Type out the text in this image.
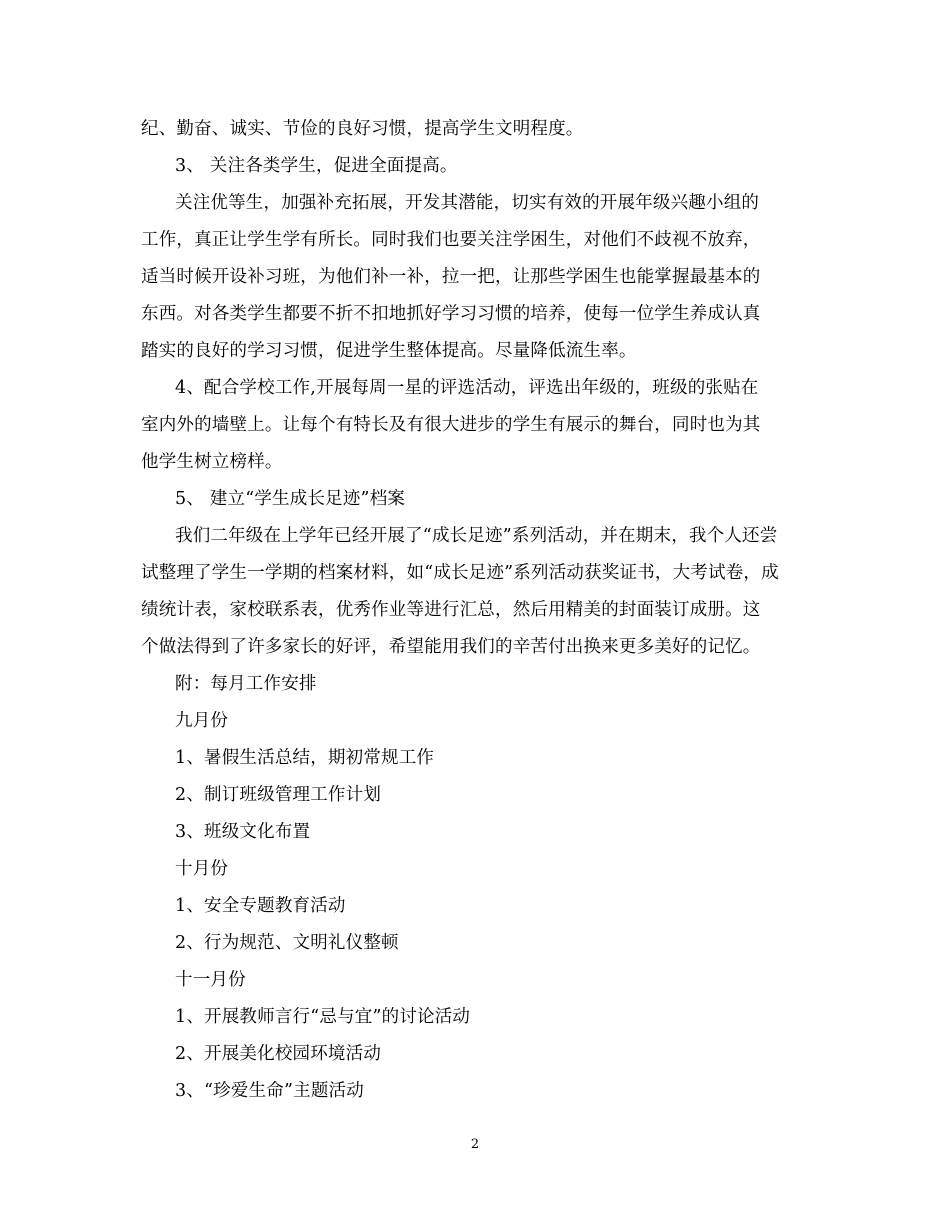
纪、勤奋、诚实、节俭的良好习惯，提高学生文明程度。
3、 关注各类学生，促进全面提高。
关注优等生，加强补充拓展，开发其潜能，切实有效的开展年级兴趣小组的
工作，真正让学生学有所长。同时我们也要关注学困生，对他们不歧视不放弃，
适当时候开设补习班，为他们补一补，拉一把，让那些学困生也能掌握最基本的
东西。对各类学生都要不折不扣地抓好学习习惯的培养，使每一位学生养成认真
踏实的良好的学习习惯，促进学生整体提高。尽量降低流生率。
4、配合学校工作,开展每周一星的评选活动，评选出年级的，班级的张贴在
室内外的墙壁上。让每个有特长及有很大进步的学生有展示的舞台，同时也为其
他学生树立榜样。
5、 建立“学生成长足迹”档案
我们二年级在上学年已经开展了“成长足迹”系列活动，并在期末，我个人还尝
试整理了学生一学期的档案材料，如“成长足迹”系列活动获奖证书，大考试卷，成
绩统计表，家校联系表，优秀作业等进行汇总，然后用精美的封面装订成册。这
个做法得到了许多家长的好评，希望能用我们的辛苦付出换来更多美好的记忆。
附：每月工作安排
九月份
1、暑假生活总结，期初常规工作
2、制订班级管理工作计划
3、班级文化布置
十月份
1、安全专题教育活动
2、行为规范、文明礼仪整顿
十一月份
1、开展教师言行“忌与宜”的讨论活动
2、开展美化校园环境活动
3、“珍爱生命”主题活动
2
